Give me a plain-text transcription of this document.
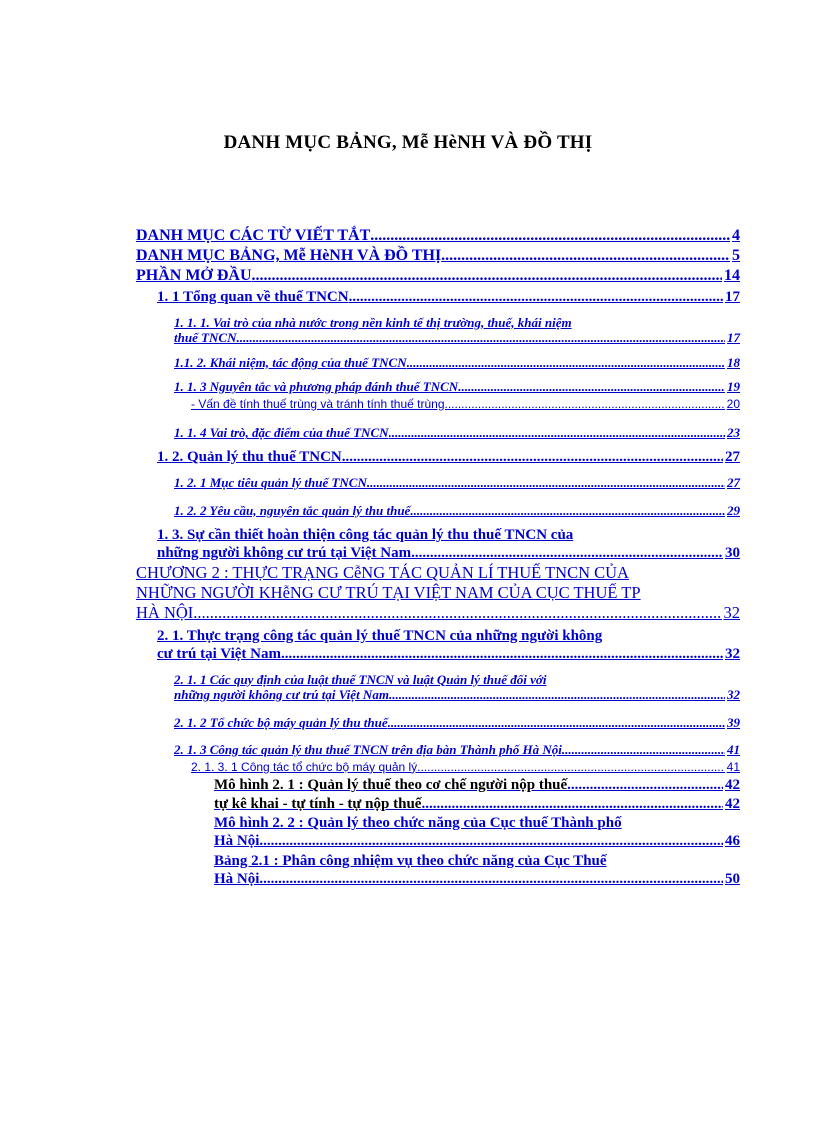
DANH MỤC BẢNG, Mễ HèNH VÀ ĐỒ THỊ
DANH MỤC CÁC TỪ VIẾT TẮT .....	4
DANH MỤC BẢNG, Mễ HèNH VÀ ĐỒ THỊ .....	5
PHẦN MỞ ĐẦU .....	14
1. 1 Tổng quan về thuế TNCN .....	17
1. 1. 1. Vai trò của nhà nước trong nền kinh tế thị trường, thuế, khái niệm
thuế TNCN .....	17
1.1. 2. Khái niệm, tác động của thuế TNCN .....	18
1. 1. 3 Nguyên tắc và phương pháp đánh thuế TNCN .....	19
- Vấn đề tính thuế trùng và tránh tính thuế trùng .....	20
1. 1. 4 Vai trò, đặc điểm của thuế TNCN .....	23
1. 2. Quản lý thu thuế TNCN .....	27
1. 2. 1 Mục tiêu quản lý thuế TNCN .....	27
1. 2. 2 Yêu cầu, nguyên tắc quản lý thu thuế .....	29
1. 3. Sự cần thiết hoàn thiện công tác quản lý thu thuế TNCN của
những người không cư trú tại Việt Nam .....	30
CHƯƠNG 2 : THỰC TRẠNG CễNG TÁC QUẢN LÍ THUẾ TNCN CỦA
NHỮNG NGƯỜI KHễNG CƯ TRÚ TẠI VIỆT NAM CỦA CỤC THUẾ TP
HÀ NỘI .....	32
2. 1. Thực trạng công tác quản lý thuế TNCN của những người không
cư trú tại Việt Nam .....	32
2. 1. 1 Các quy định của luật thuế TNCN và luật Quản lý thuế đối với
những người không cư trú tại Việt Nam .....	32
2. 1. 2 Tổ chức bộ máy quản lý thu thuế .....	39
2. 1. 3 Công tác quản lý thu thuế TNCN trên địa bàn Thành phố Hà Nội .....	41
2. 1. 3. 1 Công tác tổ chức bộ máy quản lý .....	41
Mô hình 2. 1 : Quản lý thuế theo cơ chế người nộp thuế .....	42
tự kê khai - tự tính - tự nộp thuế .....	42
Mô hình 2. 2 : Quản lý theo chức năng của Cục thuế Thành phố
Hà Nội .....	46
Bảng 2.1 : Phân công nhiệm vụ theo chức năng của Cục Thuế
Hà Nội .....	50
